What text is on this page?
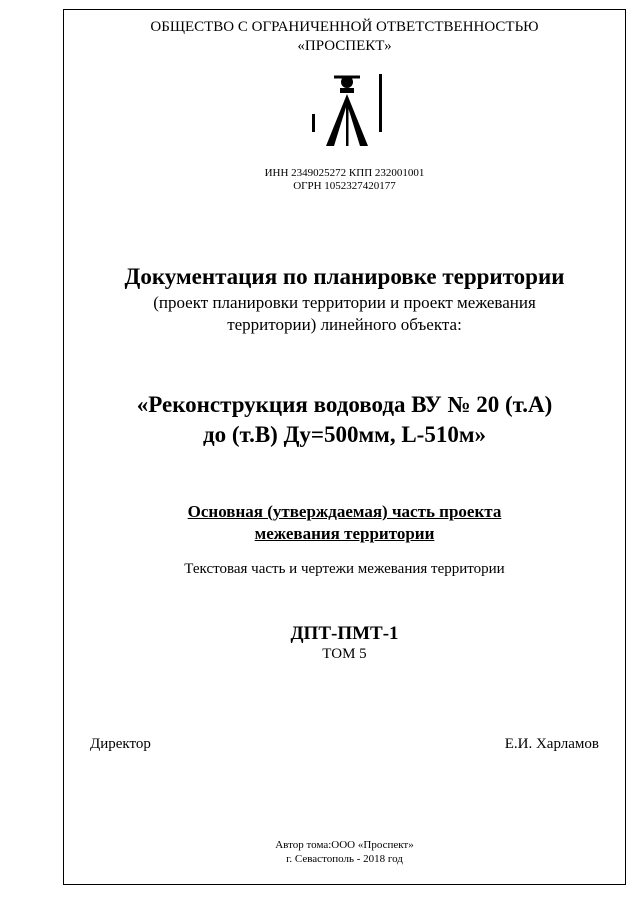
ОБЩЕСТВО С ОГРАНИЧЕННОЙ ОТВЕТСТВЕННОСТЬЮ
«ПРОСПЕКТ»
ИНН 2349025272 КПП 232001001
ОГРН 1052327420177
Документация по планировке территории
(проект планировки территории и проект межевания
территории) линейного объекта:
«Реконструкция водовода ВУ № 20 (т.А)
до (т.В) Ду=500мм, L-510м»
Основная (утверждаемая) часть проекта
межевания территории
Текстовая часть и чертежи межевания территории
ДПТ-ПМТ-1
ТОМ 5
Директор	Е.И. Харламов
Автор тома:ООО «Проспект»
г. Севастополь - 2018 год
